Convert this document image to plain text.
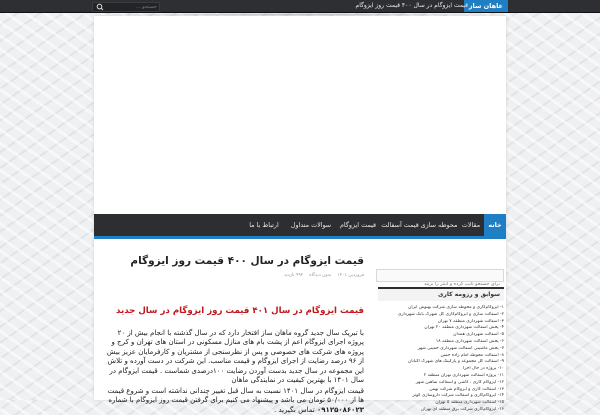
عاهان ساز
قیمت ایزوگام در سال ۴۰۰ قیمت روز ایزوگام
جستجو ...
خانه
مقالات
محوطه سازی
قیمت آسفالت
قیمت ایزوگام
سوالات متداول
ارتباط با ما
قیمت ایزوگام در سال ۴۰۰ قیمت روز ایزوگام
فروردین ۱۴۰۱
بدون دیدگاه
۹۹۲ بازدید
قیمت ایزوگام در سال ۴۰۱ قیمت روز ایزوگام در سال جدید

با تبریک سال جدید گروه ماهان ساز افتخار دارد که در سال گذشته با انجام بیش از ۲۰ پروژه اجرای ایزوگام اعم از پشت بام های منازل مسکونی در استان های تهران و کرج و پروژه های شرکت های خصوصی و پس از نظرسنجی از مشتریان و کارفرمایان عزیز بیش از ۹۶ درصد رضایت از اجرای ایزوگام و قیمت مناسب. این شرکت در دست آورده و تلاش این مجموعه در سال جدید بدست آوردن رضایت ۱۰۰درصدی شماست . قیمت ایزوگام در سال ۱۴۰۱ با بهترین کیفیت در نمایندگی ماهان

قیمت ایزوگام در سال ۱۴۰۱ نسبت به سال قبل تغییر چندانی نداشته است و شروع قیمت ها از ۵۰/۰۰۰ تومان می باشد و پیشنهاد می کنیم برای گرفتن قیمت روز ایزوگام با شماره ۰۹۱۲۵۰۸۶۰۲۳ تماس بگیرید .

برای جستجو تایپ کرده و اینتر را بزنید
سوابق و رزومه کاری
۱- ایزوگام‌کاری و محوطه سازی شرکت بهنوش ایران
۲- آسفالت سازی و ایزوگام‌کاری کل شهرک بانک شهرداری
۳- آسفالت شهرداری منطقه ۷ تهران
۴- پخش آسفالت شهرداری منطقه ۲۰ تهران
۵- آسفالت شهرداری همدان
۶- پخش آسفالت شهرداری منطقه ۱۸
۷- پخش ماشینی آسفالت شهرداری خمینی شهر
۸- آسفالت محوطه امام زاده حسن
۹- آسفالت کل مجموعه و پارکینگ های شهرک اکباتان
۱۰- پروژه در حال اجرا
۱۱- پروژه آسفالت شهرداری تهران منطقه ۲
۱۲- ایزوگام کاری ، کاشی و آسفالت شاهین شهر
۱۳- آسفالت کاری و ایزوگام شرکت بهمن
۱۴- ایزوگام‌کاری و آسفالت شرکت داروسازی کوثر
۱۵- آسفالت شهرداری منطقه ۵ تهران
۱۶- ایزوگام‌کاری شرکت برق منطقه ای تهران
